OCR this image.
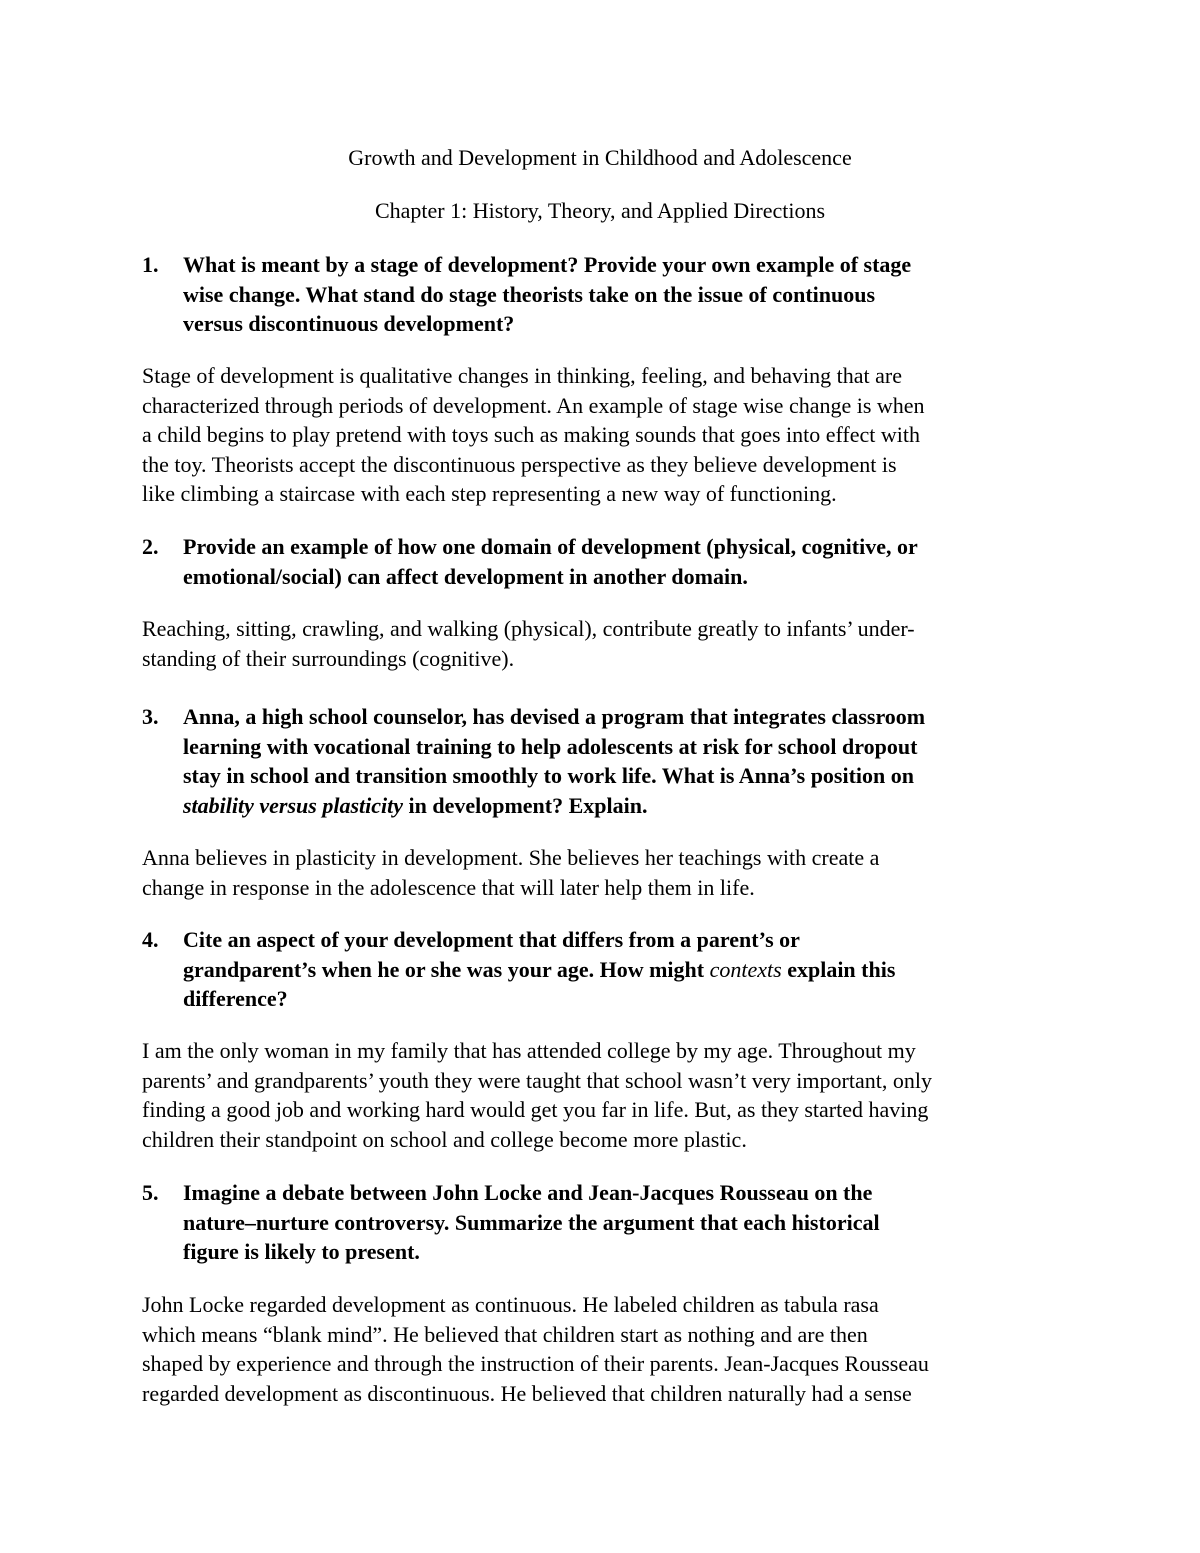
Growth and Development in Childhood and Adolescence
Chapter 1: History, Theory, and Applied Directions
1.	What is meant by a stage of development? Provide your own example of stage
wise change. What stand do stage theorists take on the issue of continuous
versus discontinuous development?
Stage of development is qualitative changes in thinking, feeling, and behaving that are
characterized through periods of development. An example of stage wise change is when
a child begins to play pretend with toys such as making sounds that goes into effect with
the toy. Theorists accept the discontinuous perspective as they believe development is
like climbing a staircase with each step representing a new way of functioning.
2.	Provide an example of how one domain of development (physical, cognitive, or
emotional/social) can affect development in another domain.
Reaching, sitting, crawling, and walking (physical), contribute greatly to infants’ under-
standing of their surroundings (cognitive).
3.	Anna, a high school counselor, has devised a program that integrates classroom
learning with vocational training to help adolescents at risk for school dropout
stay in school and transition smoothly to work life. What is Anna’s position on
stability versus plasticity in development? Explain.
Anna believes in plasticity in development. She believes her teachings with create a
change in response in the adolescence that will later help them in life.
4.	Cite an aspect of your development that differs from a parent’s or
grandparent’s when he or she was your age. How might contexts explain this
difference?
I am the only woman in my family that has attended college by my age. Throughout my
parents’ and grandparents’ youth they were taught that school wasn’t very important, only
finding a good job and working hard would get you far in life. But, as they started having
children their standpoint on school and college become more plastic.
5.	Imagine a debate between John Locke and Jean-Jacques Rousseau on the
nature–nurture controversy. Summarize the argument that each historical
figure is likely to present.
John Locke regarded development as continuous. He labeled children as tabula rasa
which means “blank mind”. He believed that children start as nothing and are then
shaped by experience and through the instruction of their parents. Jean-Jacques Rousseau
regarded development as discontinuous. He believed that children naturally had a sense
